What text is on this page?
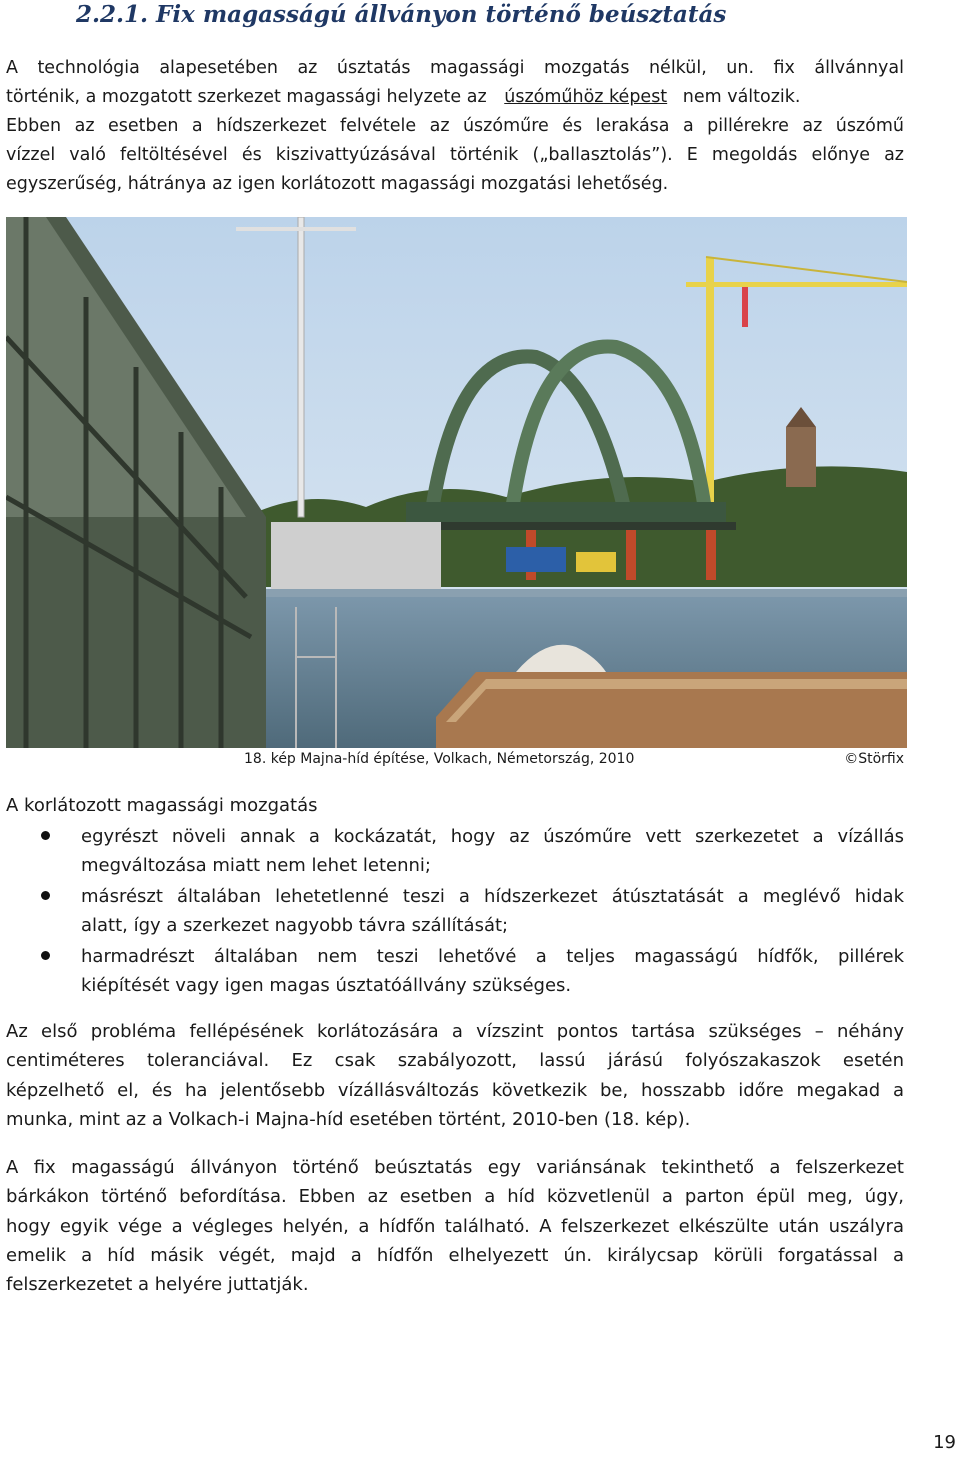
2.2.1. Fix magasságú állványon történő beúsztatás
A technológia alapesetében az úsztatás magassági mozgatás nélkül, un. fix állvánnyal
történik, a mozgatott szerkezet magassági helyzete az úszóműhöz képest nem változik.
Ebben az esetben a hídszerkezet felvétele az úszóműre és lerakása a pillérekre az úszómű
vízzel való feltöltésével és kiszivattyúzásával történik („ballasztolás”). E megoldás előnye az
egyszerűség, hátránya az igen korlátozott magassági mozgatási lehetőség.
18. kép Majna-híd építése, Volkach, Németország, 2010	©Störfix
A korlátozott magassági mozgatás
egyrészt növeli annak a kockázatát, hogy az úszóműre vett szerkezetet a vízállás
megváltozása miatt nem lehet letenni;
másrészt általában lehetetlenné teszi a hídszerkezet átúsztatását a meglévő hidak
alatt, így a szerkezet nagyobb távra szállítását;
harmadrészt általában nem teszi lehetővé a teljes magasságú hídfők, pillérek
kiépítését vagy igen magas úsztatóállvány szükséges.
Az első probléma fellépésének korlátozására a vízszint pontos tartása szükséges – néhány
centiméteres toleranciával. Ez csak szabályozott, lassú járású folyószakaszok esetén
képzelhető el, és ha jelentősebb vízállásváltozás következik be, hosszabb időre megakad a
munka, mint az a Volkach-i Majna-híd esetében történt, 2010-ben (18. kép).
A fix magasságú állványon történő beúsztatás egy variánsának tekinthető a felszerkezet
bárkákon történő befordítása. Ebben az esetben a híd közvetlenül a parton épül meg, úgy,
hogy egyik vége a végleges helyén, a hídfőn található. A felszerkezet elkészülte után uszályra
emelik a híd másik végét, majd a hídfőn elhelyezett ún. királycsap körüli forgatással a
felszerkezetet a helyére juttatják.
19
